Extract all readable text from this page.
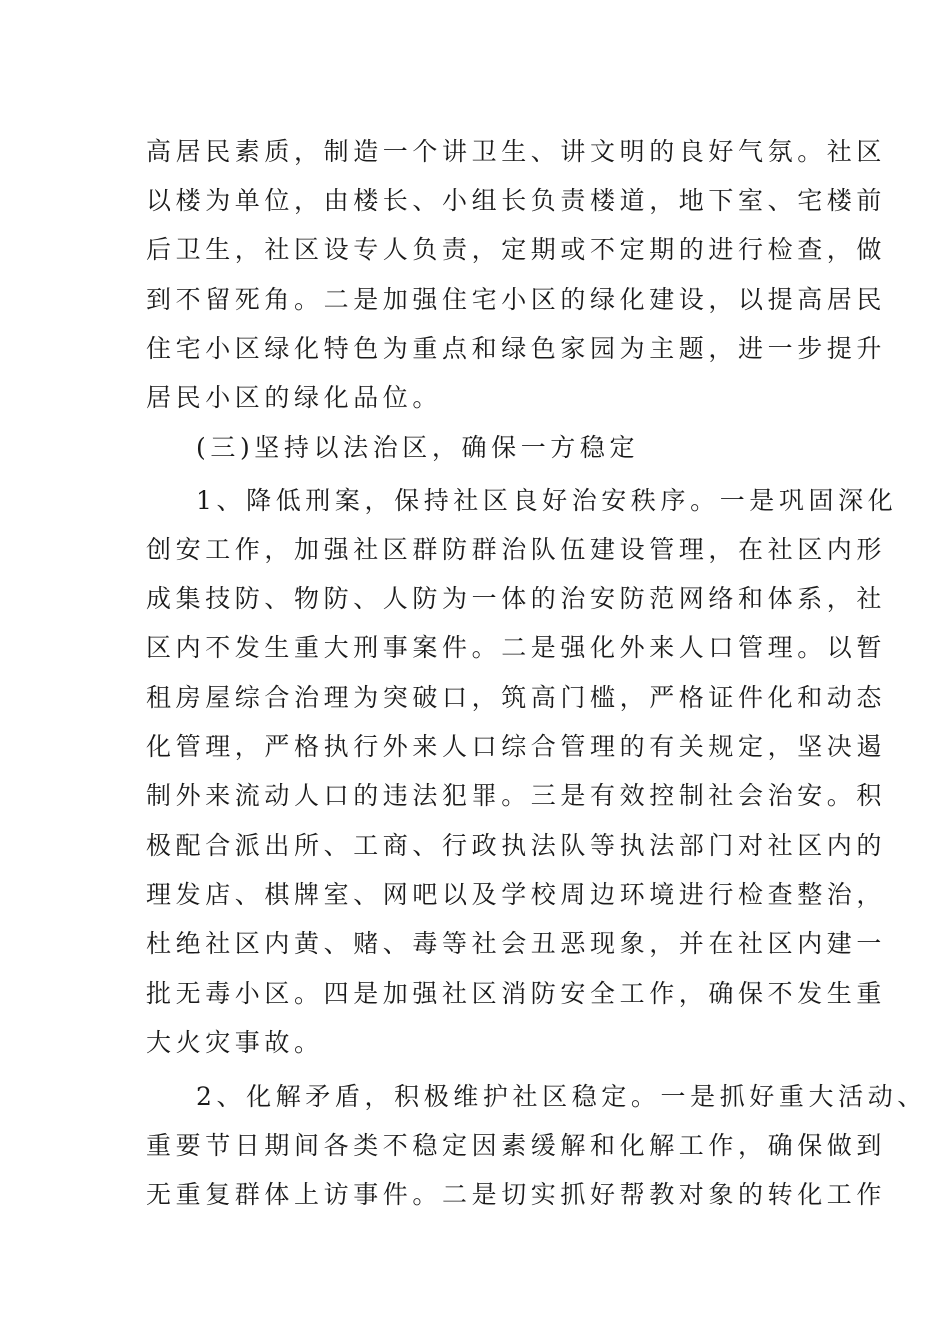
高居民素质，制造一个讲卫生、讲文明的良好气氛。社区
以楼为单位，由楼长、小组长负责楼道，地下室、宅楼前
后卫生，社区设专人负责，定期或不定期的进行检查，做
到不留死角。二是加强住宅小区的绿化建设，以提高居民
住宅小区绿化特色为重点和绿色家园为主题，进一步提升
居民小区的绿化品位。
(三)坚持以法治区，确保一方稳定
1、降低刑案，保持社区良好治安秩序。一是巩固深化
创安工作，加强社区群防群治队伍建设管理，在社区内形
成集技防、物防、人防为一体的治安防范网络和体系，社
区内不发生重大刑事案件。二是强化外来人口管理。以暂
租房屋综合治理为突破口，筑高门槛，严格证件化和动态
化管理，严格执行外来人口综合管理的有关规定，坚决遏
制外来流动人口的违法犯罪。三是有效控制社会治安。积
极配合派出所、工商、行政执法队等执法部门对社区内的
理发店、棋牌室、网吧以及学校周边环境进行检查整治，
杜绝社区内黄、赌、毒等社会丑恶现象，并在社区内建一
批无毒小区。四是加强社区消防安全工作，确保不发生重
大火灾事故。
2、化解矛盾，积极维护社区稳定。一是抓好重大活动、
重要节日期间各类不稳定因素缓解和化解工作，确保做到
无重复群体上访事件。二是切实抓好帮教对象的转化工作
